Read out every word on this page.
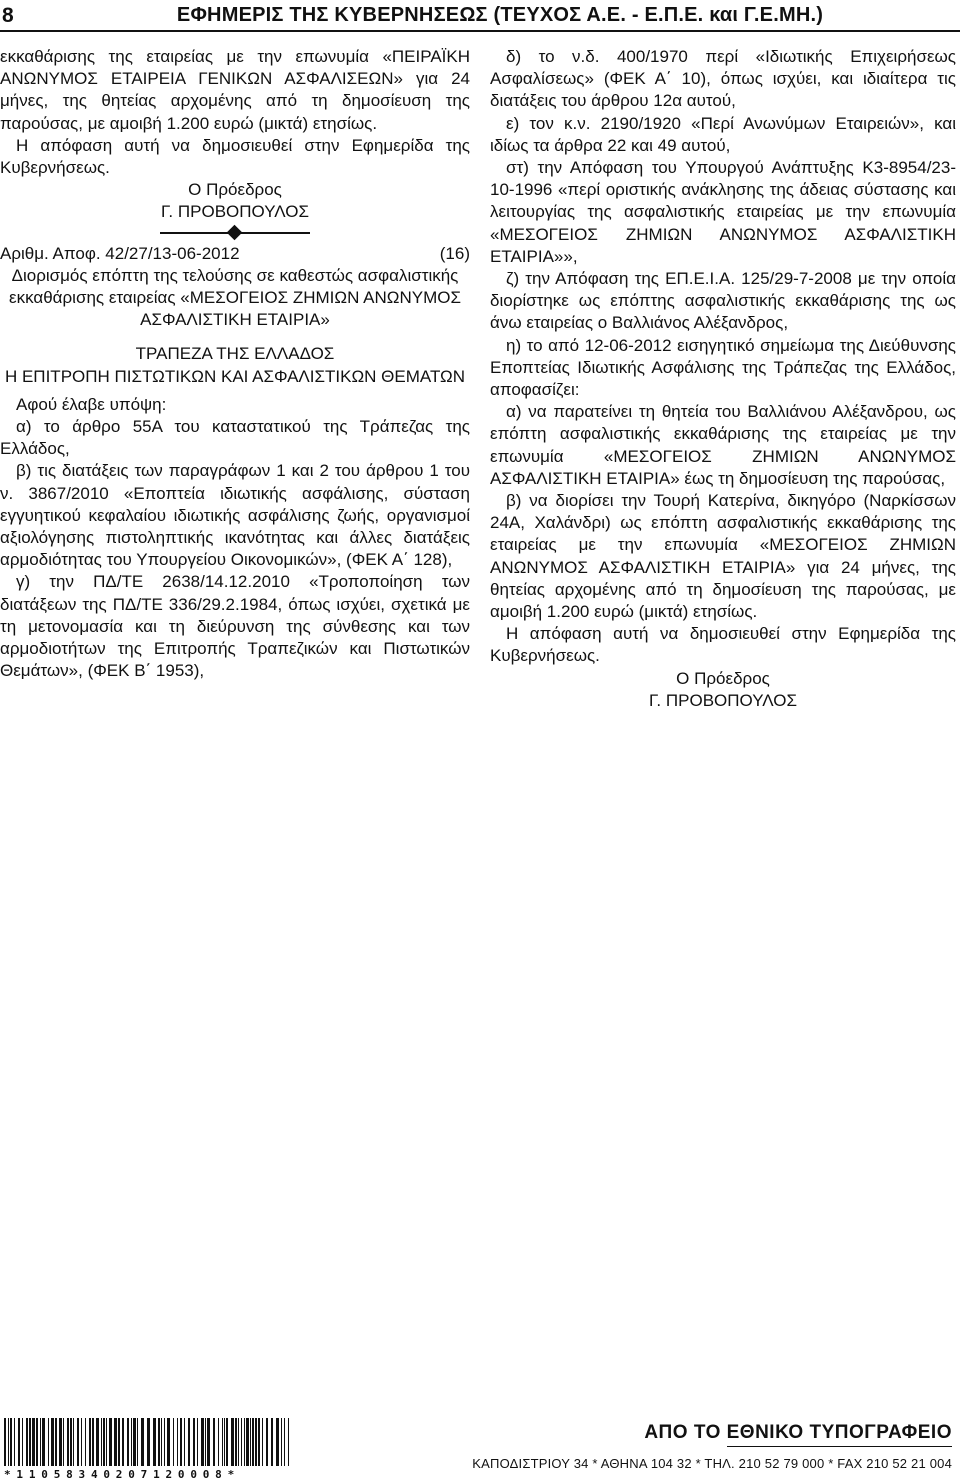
8	ΕΦΗΜΕΡΙΣ ΤΗΣ ΚΥΒΕΡΝΗΣΕΩΣ (ΤΕΥΧΟΣ Α.Ε. - Ε.Π.Ε. και Γ.Ε.ΜΗ.)

εκκαθάρισης της εταιρείας με την επωνυμία «ΠΕΙΡΑΪΚΗ ΑΝΩΝΥΜΟΣ ΕΤΑΙΡΕΙΑ ΓΕΝΙΚΩΝ ΑΣΦΑΛΙΣΕΩΝ» για 24 μήνες, της θητείας αρχομένης από τη δημοσίευση της παρούσας, με αμοιβή 1.200 ευρώ (μικτά) ετησίως.

Η απόφαση αυτή να δημοσιευθεί στην Εφημερίδα της Κυβερνήσεως.

Ο Πρόεδρος

Γ. ΠΡΟΒΟΠΟΥΛΟΣ

Αριθμ. Αποφ. 42/27/13-06-2012	(16)

Διορισμός επόπτη της τελούσης σε καθεστώς ασφαλιστικής εκκαθάρισης εταιρείας «ΜΕΣΟΓΕΙΟΣ ΖΗΜΙΩΝ ΑΝΩΝΥΜΟΣ ΑΣΦΑΛΙΣΤΙΚΗ ΕΤΑΙΡΙΑ»

ΤΡΑΠΕΖΑ ΤΗΣ ΕΛΛΑΔΟΣ

Η ΕΠΙΤΡΟΠΗ ΠΙΣΤΩΤΙΚΩΝ ΚΑΙ ΑΣΦΑΛΙΣΤΙΚΩΝ ΘΕΜΑΤΩΝ

Αφού έλαβε υπόψη:

α) το άρθρο 55Α του καταστατικού της Τράπεζας της Ελλάδος,

β) τις διατάξεις των παραγράφων 1 και 2 του άρθρου 1 του ν. 3867/2010 «Εποπτεία ιδιωτικής ασφάλισης, σύσταση εγγυητικού κεφαλαίου ιδιωτικής ασφάλισης ζωής, οργανισμοί αξιολόγησης πιστοληπτικής ικανότητας και άλλες διατάξεις αρμοδιότητας του Υπουργείου Οικονομικών», (ΦΕΚ Α΄ 128),

γ) την ΠΔ/ΤΕ 2638/14.12.2010 «Τροποποίηση των διατάξεων της ΠΔ/ΤΕ 336/29.2.1984, όπως ισχύει, σχετικά με τη μετονομασία και τη διεύρυνση της σύνθεσης και των αρμοδιοτήτων της Επιτροπής Τραπεζικών και Πιστωτικών Θεμάτων», (ΦΕΚ Β΄ 1953),

δ) το ν.δ. 400/1970 περί «Ιδιωτικής Επιχειρήσεως Ασφαλίσεως» (ΦΕΚ Α΄ 10), όπως ισχύει, και ιδιαίτερα τις διατάξεις του άρθρου 12α αυτού,

ε) τον κ.ν. 2190/1920 «Περί Ανωνύμων Εταιρειών», και ιδίως τα άρθρα 22 και 49 αυτού,

στ) την Απόφαση του Υπουργού Ανάπτυξης Κ3-8954/23-10-1996 «περί οριστικής ανάκλησης της άδειας σύστασης και λειτουργίας της ασφαλιστικής εταιρείας με την επωνυμία «ΜΕΣΟΓΕΙΟΣ ΖΗΜΙΩΝ ΑΝΩΝΥΜΟΣ ΑΣΦΑΛΙΣΤΙΚΗ ΕΤΑΙΡΙΑ»»,

ζ) την Απόφαση της ΕΠ.Ε.Ι.Α. 125/29-7-2008 με την οποία διορίστηκε ως επόπτης ασφαλιστικής εκκαθάρισης της ως άνω εταιρείας ο Βαλλιάνος Αλέξανδρος,

η) το από 12-06-2012 εισηγητικό σημείωμα της Διεύθυνσης Εποπτείας Ιδιωτικής Ασφάλισης της Τράπεζας της Ελλάδος, αποφασίζει:

α) να παρατείνει τη θητεία του Βαλλιάνου Αλέξανδρου, ως επόπτη ασφαλιστικής εκκαθάρισης της εταιρείας με την επωνυμία «ΜΕΣΟΓΕΙΟΣ ΖΗΜΙΩΝ ΑΝΩΝΥΜΟΣ ΑΣΦΑΛΙΣΤΙΚΗ ΕΤΑΙΡΙΑ» έως τη δημοσίευση της παρούσας,

β) να διορίσει την Τουρή Κατερίνα, δικηγόρο (Ναρκίσσων 24Α, Χαλάνδρι) ως επόπτη ασφαλιστικής εκκαθάρισης της εταιρείας με την επωνυμία «ΜΕΣΟΓΕΙΟΣ ΖΗΜΙΩΝ ΑΝΩΝΥΜΟΣ ΑΣΦΑΛΙΣΤΙΚΗ ΕΤΑΙΡΙΑ» για 24 μήνες, της θητείας αρχομένης από τη δημοσίευση της παρούσας, με αμοιβή 1.200 ευρώ (μικτά) ετησίως.

Η απόφαση αυτή να δημοσιευθεί στην Εφημερίδα της Κυβερνήσεως.

Ο Πρόεδρος

Γ. ΠΡΟΒΟΠΟΥΛΟΣ

*11058340207120008*
ΑΠΟ ΤΟ ΕΘΝΙΚΟ ΤΥΠΟΓΡΑΦΕΙΟ
ΚΑΠΟΔΙΣΤΡΙΟΥ 34 * ΑΘΗΝΑ 104 32 * ΤΗΛ. 210 52 79 000 * FAX 210 52 21 004
